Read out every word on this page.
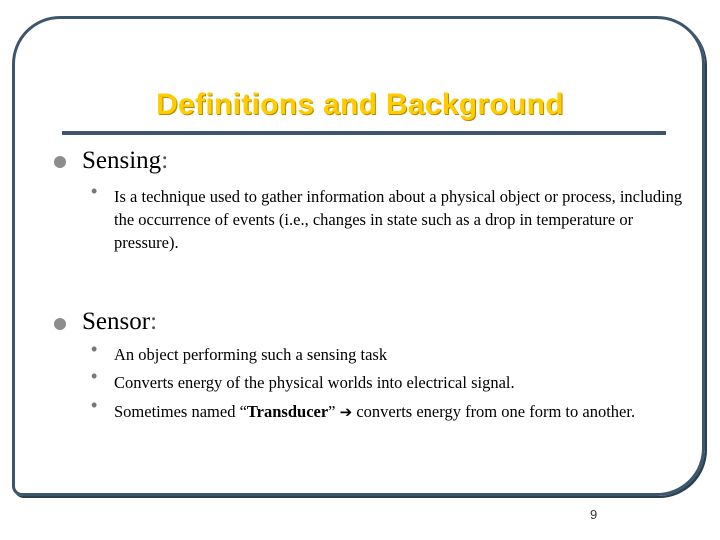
Definitions and Background
Sensing:
• Is a technique used to gather information about a physical object or process, including the occurrence of events (i.e., changes in state such as a drop in temperature or pressure).
Sensor:
• An object performing such a sensing task
• Converts energy of the physical worlds into electrical signal.
• Sometimes named “Transducer” ➔ converts energy from one form to another.
9
